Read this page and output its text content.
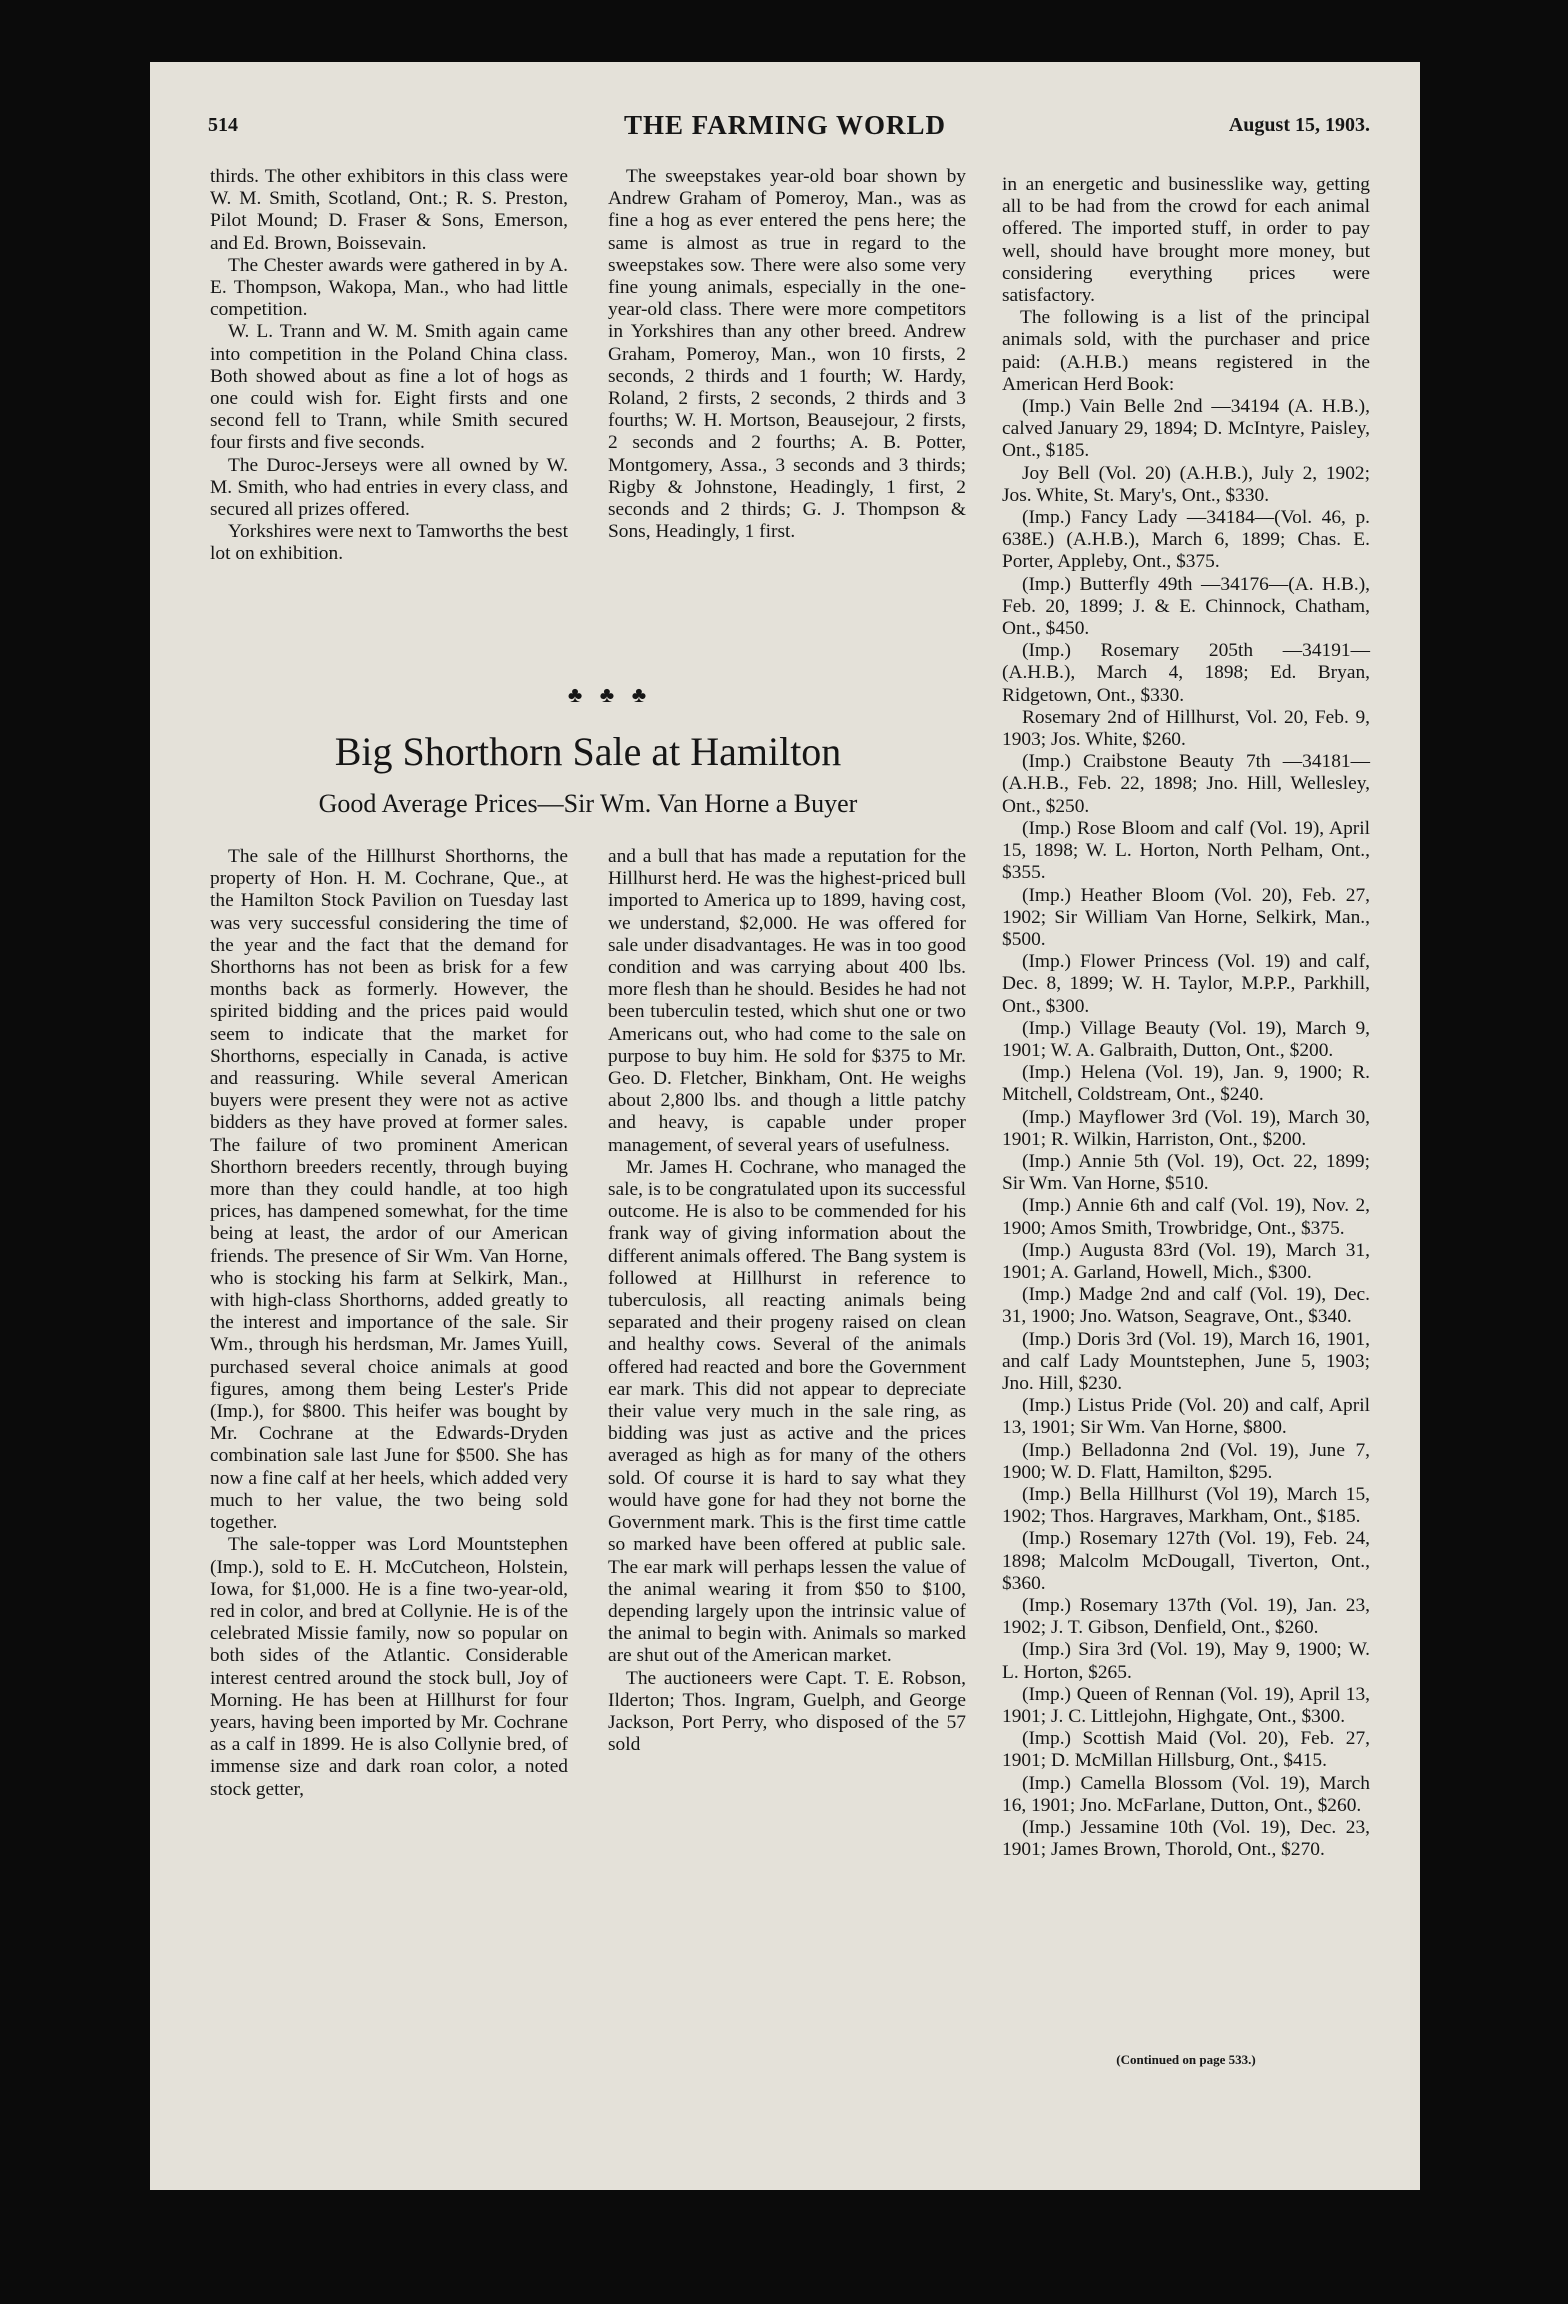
514	THE FARMING WORLD	August 15, 1903.

thirds. The other exhibitors in this class were W. M. Smith, Scotland, Ont.; R. S. Preston, Pilot Mound; D. Fraser & Sons, Emerson, and Ed. Brown, Boissevain.

The Chester awards were gathered in by A. E. Thompson, Wakopa, Man., who had little competition.

W. L. Trann and W. M. Smith again came into competition in the Poland China class. Both showed about as fine a lot of hogs as one could wish for. Eight firsts and one second fell to Trann, while Smith secured four firsts and five seconds.

The Duroc-Jerseys were all owned by W. M. Smith, who had entries in every class, and secured all prizes offered.

Yorkshires were next to Tamworths the best lot on exhibition.

The sweepstakes year-old boar shown by Andrew Graham of Pomeroy, Man., was as fine a hog as ever entered the pens here; the same is almost as true in regard to the sweepstakes sow. There were also some very fine young animals, especially in the one-year-old class. There were more competitors in Yorkshires than any other breed. Andrew Graham, Pomeroy, Man., won 10 firsts, 2 seconds, 2 thirds and 1 fourth; W. Hardy, Roland, 2 firsts, 2 seconds, 2 thirds and 3 fourths; W. H. Mortson, Beausejour, 2 firsts, 2 seconds and 2 fourths; A. B. Potter, Montgomery, Assa., 3 seconds and 3 thirds; Rigby & Johnstone, Headingly, 1 first, 2 seconds and 2 thirds; G. J. Thompson & Sons, Headingly, 1 first.

♣ ♣ ♣
Big Shorthorn Sale at Hamilton
Good Average Prices—Sir Wm. Van Horne a Buyer

The sale of the Hillhurst Shorthorns, the property of Hon. H. M. Cochrane, Que., at the Hamilton Stock Pavilion on Tuesday last was very successful considering the time of the year and the fact that the demand for Shorthorns has not been as brisk for a few months back as formerly. However, the spirited bidding and the prices paid would seem to indicate that the market for Shorthorns, especially in Canada, is active and reassuring. While several American buyers were present they were not as active bidders as they have proved at former sales. The failure of two prominent American Shorthorn breeders recently, through buying more than they could handle, at too high prices, has dampened somewhat, for the time being at least, the ardor of our American friends. The presence of Sir Wm. Van Horne, who is stocking his farm at Selkirk, Man., with high-class Shorthorns, added greatly to the interest and importance of the sale. Sir Wm., through his herdsman, Mr. James Yuill, purchased several choice animals at good figures, among them being Lester's Pride (Imp.), for $800. This heifer was bought by Mr. Cochrane at the Edwards-Dryden combination sale last June for $500. She has now a fine calf at her heels, which added very much to her value, the two being sold together.

The sale-topper was Lord Mountstephen (Imp.), sold to E. H. McCutcheon, Holstein, Iowa, for $1,000. He is a fine two-year-old, red in color, and bred at Collynie. He is of the celebrated Missie family, now so popular on both sides of the Atlantic. Considerable interest centred around the stock bull, Joy of Morning. He has been at Hillhurst for four years, having been imported by Mr. Cochrane as a calf in 1899. He is also Collynie bred, of immense size and dark roan color, a noted stock getter,

and a bull that has made a reputation for the Hillhurst herd. He was the highest-priced bull imported to America up to 1899, having cost, we understand, $2,000. He was offered for sale under disadvantages. He was in too good condition and was carrying about 400 lbs. more flesh than he should. Besides he had not been tuberculin tested, which shut one or two Americans out, who had come to the sale on purpose to buy him. He sold for $375 to Mr. Geo. D. Fletcher, Binkham, Ont. He weighs about 2,800 lbs. and though a little patchy and heavy, is capable under proper management, of several years of usefulness.

Mr. James H. Cochrane, who managed the sale, is to be congratulated upon its successful outcome. He is also to be commended for his frank way of giving information about the different animals offered. The Bang system is followed at Hillhurst in reference to tuberculosis, all reacting animals being separated and their progeny raised on clean and healthy cows. Several of the animals offered had reacted and bore the Government ear mark. This did not appear to depreciate their value very much in the sale ring, as bidding was just as active and the prices averaged as high as for many of the others sold. Of course it is hard to say what they would have gone for had they not borne the Government mark. This is the first time cattle so marked have been offered at public sale. The ear mark will perhaps lessen the value of the animal wearing it from $50 to $100, depending largely upon the intrinsic value of the animal to begin with. Animals so marked are shut out of the American market.

The auctioneers were Capt. T. E. Robson, Ilderton; Thos. Ingram, Guelph, and George Jackson, Port Perry, who disposed of the 57 sold

in an energetic and businesslike way, getting all to be had from the crowd for each animal offered. The imported stuff, in order to pay well, should have brought more money, but considering everything prices were satisfactory.

The following is a list of the principal animals sold, with the purchaser and price paid: (A.H.B.) means registered in the American Herd Book:

(Imp.) Vain Belle 2nd —34194 (A. H.B.), calved January 29, 1894; D. McIntyre, Paisley, Ont., $185.

Joy Bell (Vol. 20) (A.H.B.), July 2, 1902; Jos. White, St. Mary's, Ont., $330.

(Imp.) Fancy Lady —34184—(Vol. 46, p. 638E.) (A.H.B.), March 6, 1899; Chas. E. Porter, Appleby, Ont., $375.

(Imp.) Butterfly 49th —34176—(A. H.B.), Feb. 20, 1899; J. & E. Chinnock, Chatham, Ont., $450.

(Imp.) Rosemary 205th —34191— (A.H.B.), March 4, 1898; Ed. Bryan, Ridgetown, Ont., $330.

Rosemary 2nd of Hillhurst, Vol. 20, Feb. 9, 1903; Jos. White, $260.

(Imp.) Craibstone Beauty 7th —34181—(A.H.B., Feb. 22, 1898; Jno. Hill, Wellesley, Ont., $250.

(Imp.) Rose Bloom and calf (Vol. 19), April 15, 1898; W. L. Horton, North Pelham, Ont., $355.

(Imp.) Heather Bloom (Vol. 20), Feb. 27, 1902; Sir William Van Horne, Selkirk, Man., $500.

(Imp.) Flower Princess (Vol. 19) and calf, Dec. 8, 1899; W. H. Taylor, M.P.P., Parkhill, Ont., $300.

(Imp.) Village Beauty (Vol. 19), March 9, 1901; W. A. Galbraith, Dutton, Ont., $200.

(Imp.) Helena (Vol. 19), Jan. 9, 1900; R. Mitchell, Coldstream, Ont., $240.

(Imp.) Mayflower 3rd (Vol. 19), March 30, 1901; R. Wilkin, Harriston, Ont., $200.

(Imp.) Annie 5th (Vol. 19), Oct. 22, 1899; Sir Wm. Van Horne, $510.

(Imp.) Annie 6th and calf (Vol. 19), Nov. 2, 1900; Amos Smith, Trowbridge, Ont., $375.

(Imp.) Augusta 83rd (Vol. 19), March 31, 1901; A. Garland, Howell, Mich., $300.

(Imp.) Madge 2nd and calf (Vol. 19), Dec. 31, 1900; Jno. Watson, Seagrave, Ont., $340.

(Imp.) Doris 3rd (Vol. 19), March 16, 1901, and calf Lady Mountstephen, June 5, 1903; Jno. Hill, $230.

(Imp.) Listus Pride (Vol. 20) and calf, April 13, 1901; Sir Wm. Van Horne, $800.

(Imp.) Belladonna 2nd (Vol. 19), June 7, 1900; W. D. Flatt, Hamilton, $295.

(Imp.) Bella Hillhurst (Vol 19), March 15, 1902; Thos. Hargraves, Markham, Ont., $185.

(Imp.) Rosemary 127th (Vol. 19), Feb. 24, 1898; Malcolm McDougall, Tiverton, Ont., $360.

(Imp.) Rosemary 137th (Vol. 19), Jan. 23, 1902; J. T. Gibson, Denfield, Ont., $260.

(Imp.) Sira 3rd (Vol. 19), May 9, 1900; W. L. Horton, $265.

(Imp.) Queen of Rennan (Vol. 19), April 13, 1901; J. C. Littlejohn, Highgate, Ont., $300.

(Imp.) Scottish Maid (Vol. 20), Feb. 27, 1901; D. McMillan Hillsburg, Ont., $415.

(Imp.) Camella Blossom (Vol. 19), March 16, 1901; Jno. McFarlane, Dutton, Ont., $260.

(Imp.) Jessamine 10th (Vol. 19), Dec. 23, 1901; James Brown, Thorold, Ont., $270.

(Continued on page 533.)
